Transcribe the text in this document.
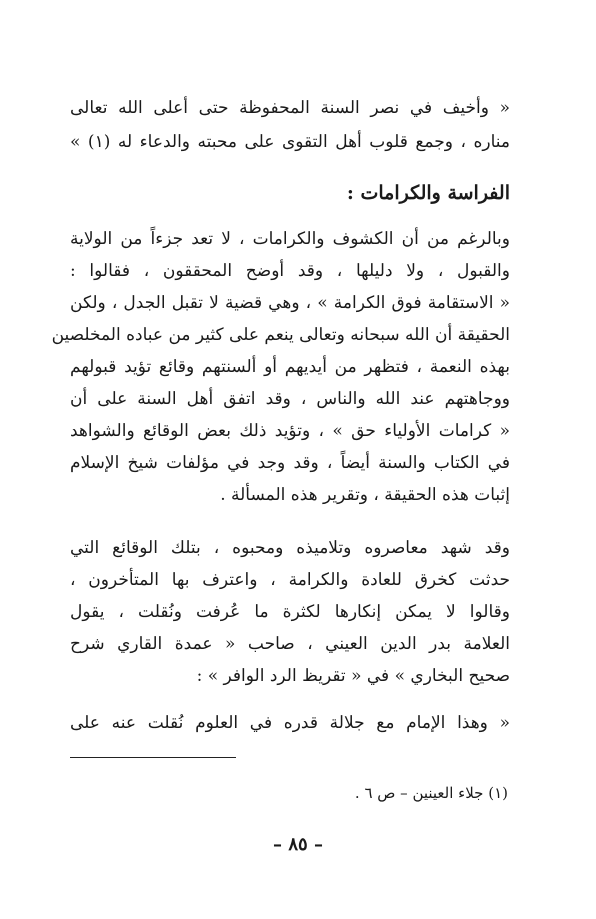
« وأخيف في نصر السنة المحفوظة حتى أعلى الله تعالى
مناره ، وجمع قلوب أهل التقوى على محبته والدعاء له (١) »
الفراسة والكرامات :
وبالرغم من أن الكشوف والكرامات ، لا تعد جزءاً من الولاية
والقبول ، ولا دليلها ، وقد أوضح المحققون ، فقالوا :
« الاستقامة فوق الكرامة » ، وهي قضية لا تقبل الجدل ، ولكن
الحقيقة أن الله سبحانه وتعالى ينعم على كثير من عباده المخلصين
بهذه النعمة ، فتظهر من أيديهم أو ألسنتهم وقائع تؤيد قبولهم
ووجاهتهم عند الله والناس ، وقد اتفق أهل السنة على أن
« كرامات الأولياء حق » ، وتؤيد ذلك بعض الوقائع والشواهد
في الكتاب والسنة أيضاً ، وقد وجد في مؤلفات شيخ الإسلام
إثبات هذه الحقيقة ، وتقرير هذه المسألة .
وقد شهد معاصروه وتلاميذه ومحبوه ، بتلك الوقائع التي
حدثت كخرق للعادة والكرامة ، واعترف بها المتأخرون ،
وقالوا لا يمكن إنكارها لكثرة ما عُرفت ونُقلت ، يقول
العلامة بدر الدين العيني ، صاحب « عمدة القاري شرح
صحيح البخاري » في « تقريظ الرد الوافر » :
« وهذا الإمام مع جلالة قدره في العلوم نُقلت عنه على
(١) جلاء العينين – ص ٦ .
– ٨٥ –
